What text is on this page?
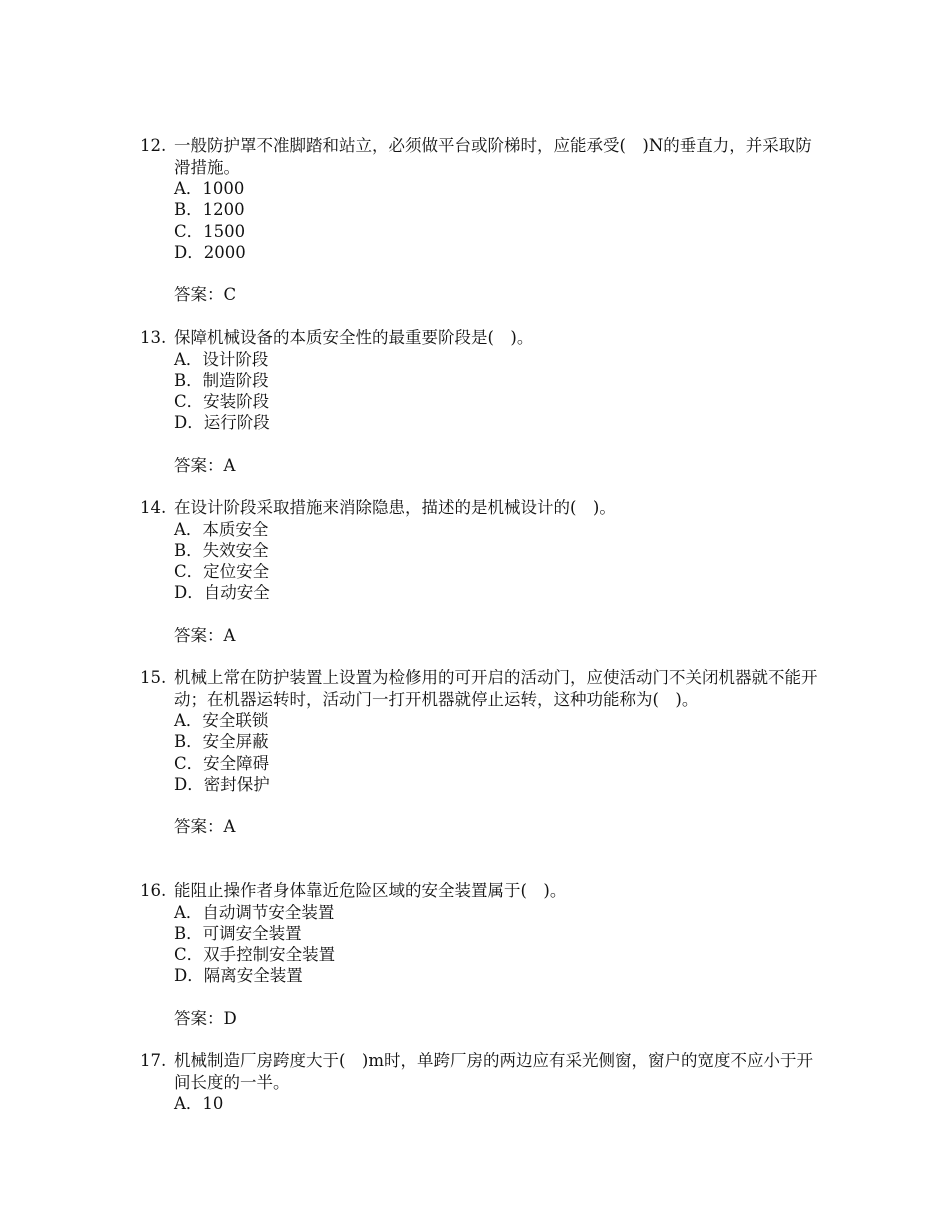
12. 一般防护罩不准脚踏和站立，必须做平台或阶梯时，应能承受(　)N的垂直力，并采取防滑措施。
A．1000
B．1200
C．1500
D．2000
答案：C
13. 保障机械设备的本质安全性的最重要阶段是(　)。
A．设计阶段
B．制造阶段
C．安装阶段
D．运行阶段
答案：A
14. 在设计阶段采取措施来消除隐患，描述的是机械设计的(　)。
A．本质安全
B．失效安全
C．定位安全
D．自动安全
答案：A
15. 机械上常在防护装置上设置为检修用的可开启的活动门，应使活动门不关闭机器就不能开动；在机器运转时，活动门一打开机器就停止运转，这种功能称为(　)。
A．安全联锁
B．安全屏蔽
C．安全障碍
D．密封保护
答案：A
16. 能阻止操作者身体靠近危险区域的安全装置属于(　)。
A．自动调节安全装置
B．可调安全装置
C．双手控制安全装置
D．隔离安全装置
答案：D
17. 机械制造厂房跨度大于(　)m时，单跨厂房的两边应有采光侧窗，窗户的宽度不应小于开间长度的一半。
A．10
